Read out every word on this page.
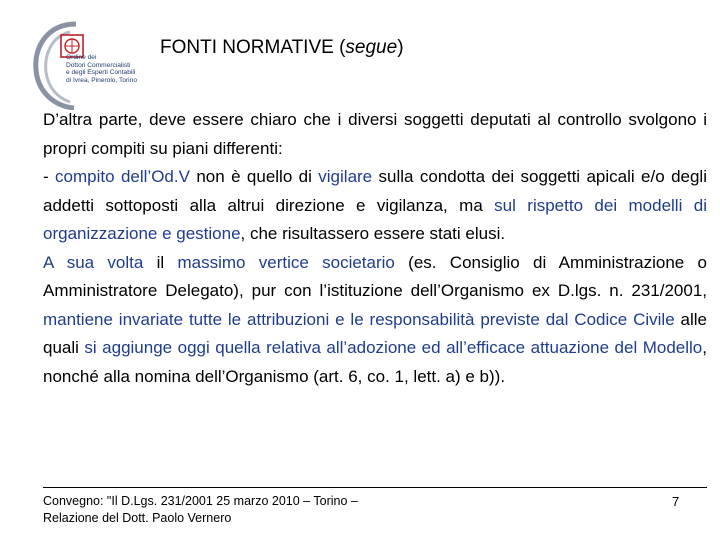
Ordine dei
Dottori Commercialisti
e degli Esperti Contabili
di Ivrea, Pinerolo, Torino
FONTI NORMATIVE (segue)

D’altra parte, deve essere chiaro che i diversi soggetti deputati al controllo svolgono i propri compiti su piani differenti:

- compito dell’Od.V non è quello di vigilare sulla condotta dei soggetti apicali e/o degli addetti sottoposti alla altrui direzione e vigilanza, ma sul rispetto dei modelli di organizzazione e gestione, che risultassero essere stati elusi.

A sua volta il massimo vertice societario (es. Consiglio di Amministrazione o Amministratore Delegato), pur con l’istituzione dell’Organismo ex D.lgs. n. 231/2001, mantiene invariate tutte le attribuzioni e le responsabilità previste dal Codice Civile alle quali si aggiunge oggi quella relativa all’adozione ed all’efficace attuazione del Modello, nonché alla nomina dell’Organismo (art. 6, co. 1, lett. a) e b)).

Convegno: "Il D.Lgs. 231/2001 25 marzo 2010 – Torino –
Relazione del Dott. Paolo Vernero
7
